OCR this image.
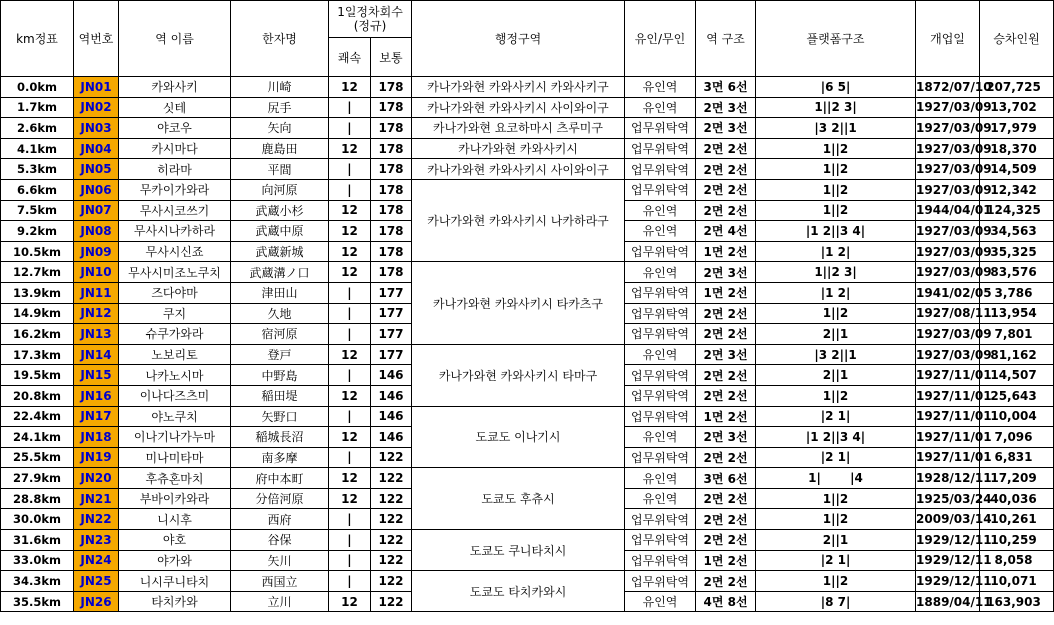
km정표	역번호	역 이름	한자명	1일정차회수
(정규)		행정구역	유인/무인	역 구조	플랫폼구조	개업일	승차인원
				쾌속	보통						
0.0km	JN01	카와사키	川崎	12	178	카나가와현 카와사키시 카와사키구	유인역	3면 6선	|6 5|	1872/07/10	207,725
1.7km	JN02	싯테	尻手	|	178	카나가와현 카와사키시 사이와이구	유인역	2면 3선	1||2 3|	1927/03/09	13,702
2.6km	JN03	야코우	矢向	|	178	카나가와현 요코하마시 츠루미구	업무위탁역	2면 3선	|3 2||1	1927/03/09	17,979
4.1km	JN04	카시마다	鹿島田	12	178	카나가와현 카와사키시	업무위탁역	2면 2선	1||2	1927/03/09	18,370
5.3km	JN05	히라마	平間	|	178	카나가와현 카와사키시 사이와이구	업무위탁역	2면 2선	1||2	1927/03/09	14,509
6.6km	JN06	무카이가와라	向河原	|	178	카나가와현 카와사키시 나카하라구	업무위탁역	2면 2선	1||2	1927/03/09	12,342
7.5km	JN07	무사시코쓰기	武蔵小杉	12	178		유인역	2면 2선	1||2	1944/04/01	124,325
9.2km	JN08	무사시나카하라	武蔵中原	12	178		유인역	2면 4선	|1 2||3 4|	1927/03/09	34,563
10.5km	JN09	무사시신죠	武蔵新城	12	178		업무위탁역	1면 2선	|1 2|	1927/03/09	35,325
12.7km	JN10	무사시미조노쿠치	武蔵溝ノ口	12	178	카나가와현 카와사키시 타카츠구	유인역	2면 3선	1||2 3|	1927/03/09	83,576
13.9km	JN11	즈다야마	津田山	|	177		업무위탁역	1면 2선	|1 2|	1941/02/05	3,786
14.9km	JN12	쿠지	久地	|	177		업무위탁역	2면 2선	1||2	1927/08/11	13,954
16.2km	JN13	슈쿠가와라	宿河原	|	177		업무위탁역	2면 2선	2||1	1927/03/09	7,801
17.3km	JN14	노보리토	登戸	12	177	카나가와현 카와사키시 타마구	유인역	2면 3선	|3 2||1	1927/03/09	81,162
19.5km	JN15	나카노시마	中野島	|	146		업무위탁역	2면 2선	2||1	1927/11/01	14,507
20.8km	JN16	이나다즈츠미	稲田堤	12	146		업무위탁역	2면 2선	1||2	1927/11/01	25,643
22.4km	JN17	야노쿠치	矢野口	|	146	도쿄도 이나기시	업무위탁역	1면 2선	|2 1|	1927/11/01	10,004
24.1km	JN18	이나기나가누마	稲城長沼	12	146		유인역	2면 3선	|1 2||3 4|	1927/11/01	7,096
25.5km	JN19	미나미타마	南多摩	|	122		업무위탁역	2면 2선	|2 1|	1927/11/01	6,831
27.9km	JN20	후츄혼마치	府中本町	12	122	도쿄도 후츄시	유인역	3면 6선	1|       |4	1928/12/11	17,209
28.8km	JN21	부바이카와라	分倍河原	12	122		유인역	2면 2선	1||2	1925/03/24	40,036
30.0km	JN22	니시후	西府	|	122		업무위탁역	2면 2선	1||2	2009/03/14	10,261
31.6km	JN23	야호	谷保	|	122	도쿄도 쿠니타치시	업무위탁역	2면 2선	2||1	1929/12/11	10,259
33.0km	JN24	야가와	矢川	|	122		업무위탁역	1면 2선	|2 1|	1929/12/11	8,058
34.3km	JN25	니시쿠니타치	西国立	|	122	도쿄도 타치카와시	업무위탁역	2면 2선	1||2	1929/12/11	10,071
35.5km	JN26	타치카와	立川	12	122		유인역	4면 8선	|8 7|	1889/04/11	163,903
